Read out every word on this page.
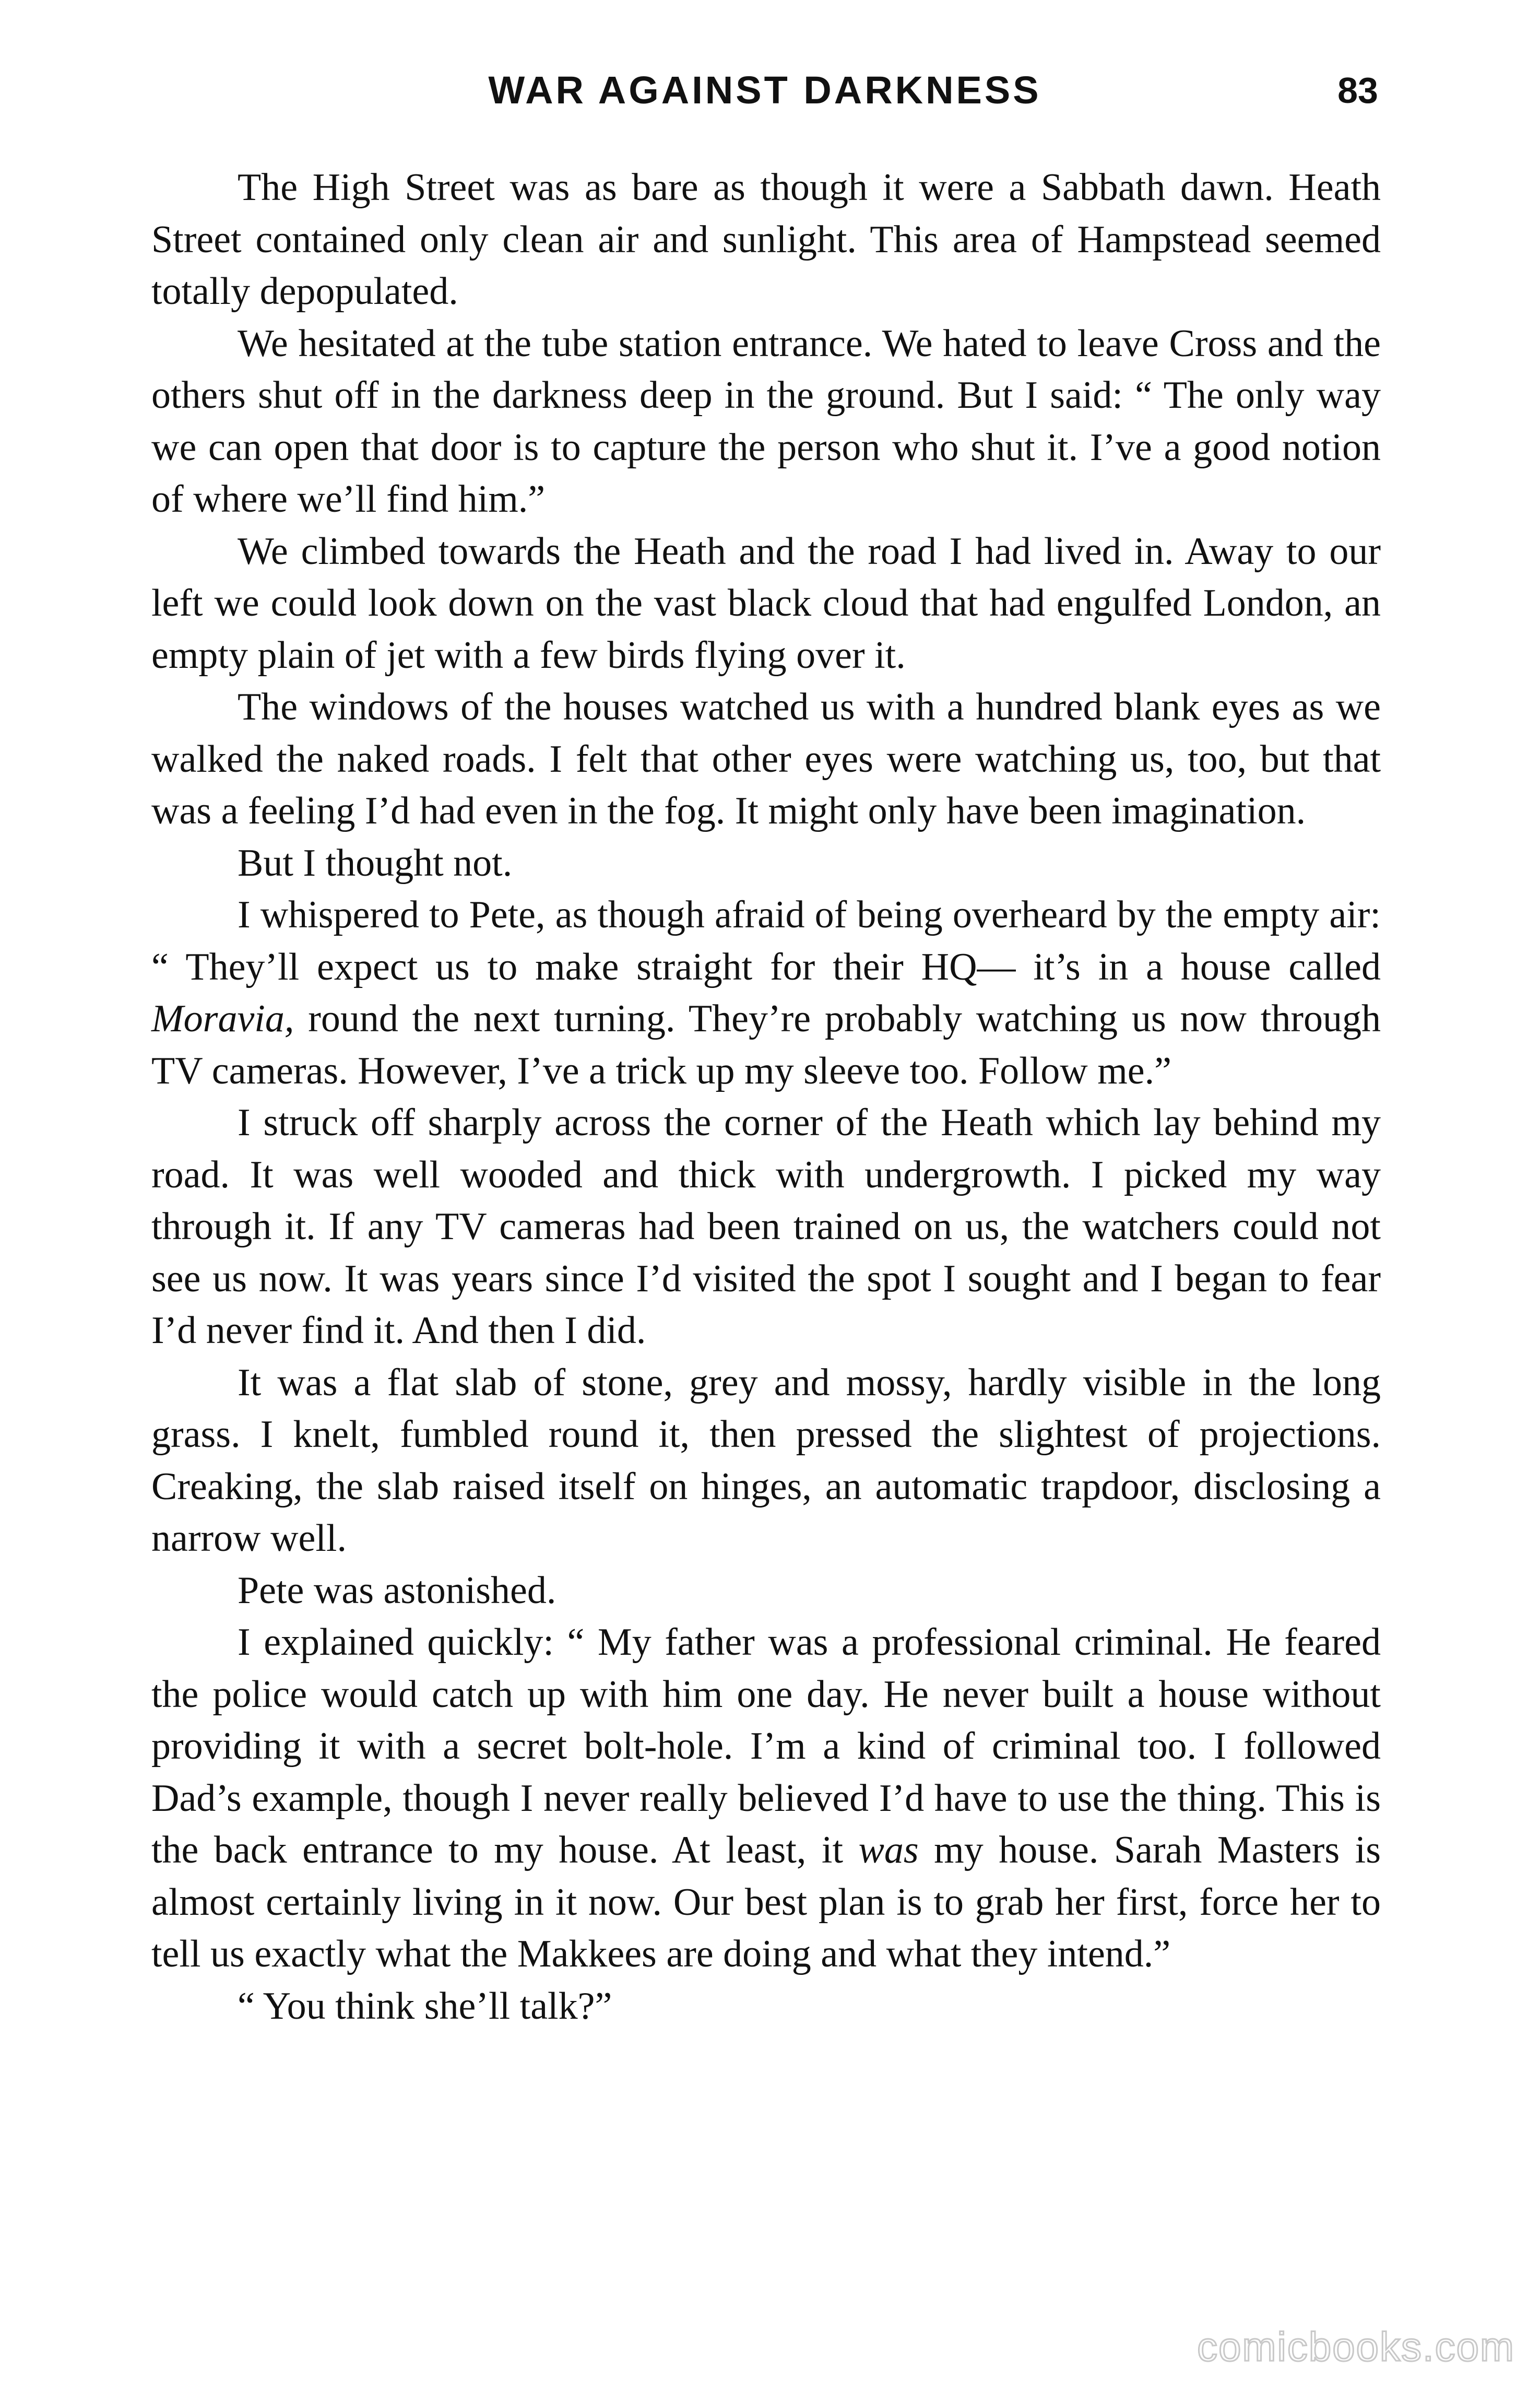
WAR AGAINST DARKNESS	83

The High Street was as bare as though it were a Sabbath dawn. Heath Street contained only clean air and sunlight. This area of Hampstead seemed totally depopulated.

We hesitated at the tube station entrance. We hated to leave Cross and the others shut off in the darkness deep in the ground. But I said: “ The only way we can open that door is to capture the person who shut it. I’ve a good notion of where we’ll find him.”

We climbed towards the Heath and the road I had lived in. Away to our left we could look down on the vast black cloud that had engulfed London, an empty plain of jet with a few birds flying over it.

The windows of the houses watched us with a hundred blank eyes as we walked the naked roads. I felt that other eyes were watching us, too, but that was a feeling I’d had even in the fog. It might only have been imagination.

But I thought not.

I whispered to Pete, as though afraid of being overheard by the empty air: “ They’ll expect us to make straight for their HQ— it’s in a house called Moravia, round the next turning. They’re probably watching us now through TV cameras. However, I’ve a trick up my sleeve too. Follow me.”

I struck off sharply across the corner of the Heath which lay behind my road. It was well wooded and thick with undergrowth. I picked my way through it. If any TV cameras had been trained on us, the watchers could not see us now. It was years since I’d visited the spot I sought and I began to fear I’d never find it. And then I did.

It was a flat slab of stone, grey and mossy, hardly visible in the long grass. I knelt, fumbled round it, then pressed the slightest of projections. Creaking, the slab raised itself on hinges, an automatic trapdoor, disclosing a narrow well.

Pete was astonished.

I explained quickly: “ My father was a professional criminal. He feared the police would catch up with him one day. He never built a house without providing it with a secret bolt-hole. I’m a kind of criminal too. I followed Dad’s example, though I never really believed I’d have to use the thing. This is the back entrance to my house. At least, it was my house. Sarah Masters is almost certainly living in it now. Our best plan is to grab her first, force her to tell us exactly what the Makkees are doing and what they intend.”

“ You think she’ll talk?”

comicbooks.com
